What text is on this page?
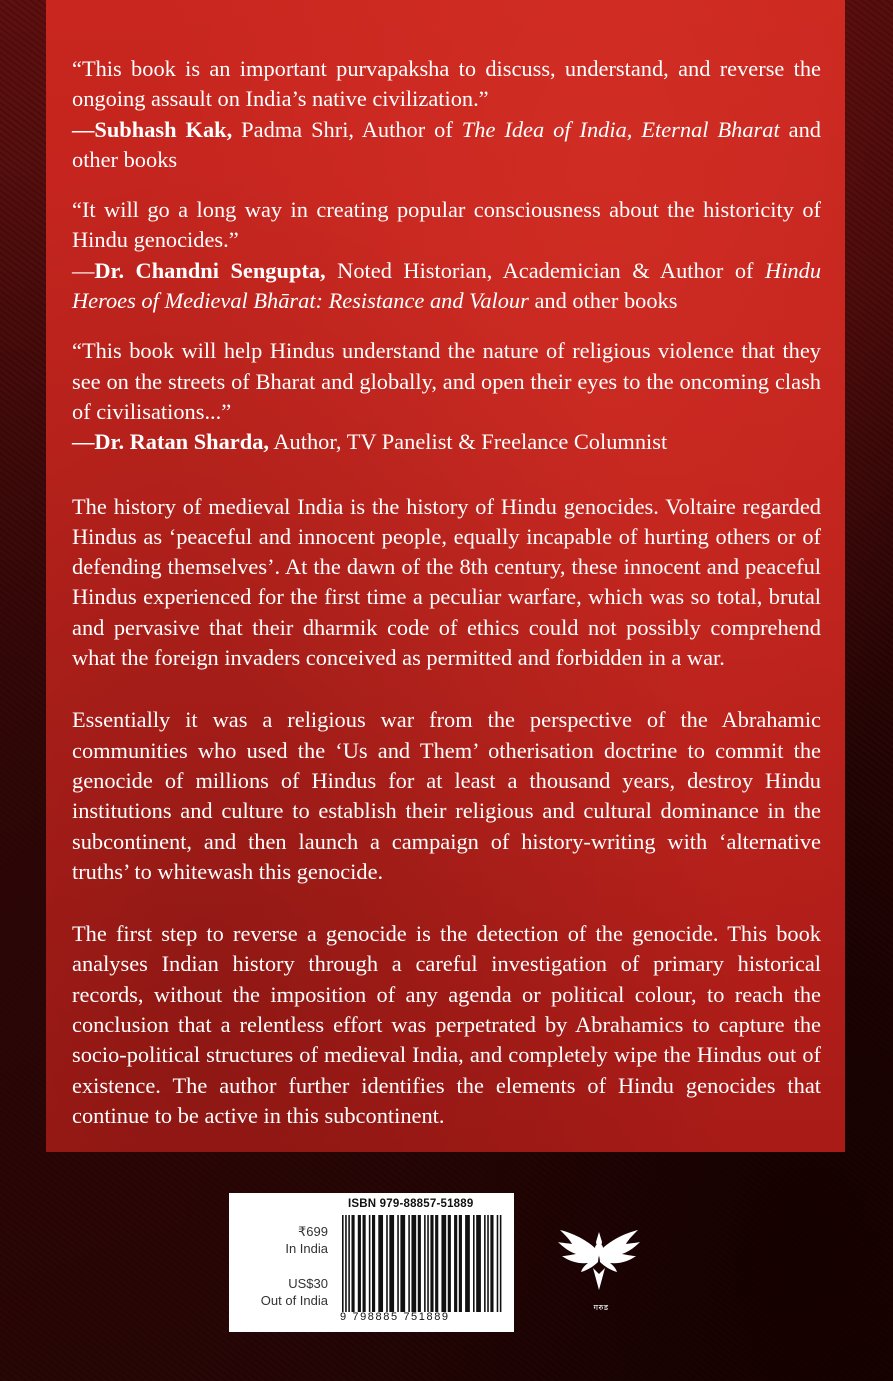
“This book is an important purvapaksha to discuss, understand, and reverse the ongoing assault on India’s native civilization.”
—Subhash Kak, Padma Shri, Author of The Idea of India, Eternal Bharat and other books
“It will go a long way in creating popular consciousness about the historicity of Hindu genocides.”
—Dr. Chandni Sengupta, Noted Historian, Academician & Author of Hindu Heroes of Medieval Bhārat: Resistance and Valour and other books
“This book will help Hindus understand the nature of religious violence that they see on the streets of Bharat and globally, and open their eyes to the oncoming clash of civilisations...”
—Dr. Ratan Sharda, Author, TV Panelist & Freelance Columnist

The history of medieval India is the history of Hindu genocides. Voltaire regarded Hindus as ‘peaceful and innocent people, equally incapable of hurting others or of defending themselves’. At the dawn of the 8th century, these innocent and peaceful Hindus experienced for the first time a peculiar warfare, which was so total, brutal and pervasive that their dharmik code of ethics could not possibly comprehend what the foreign invaders conceived as permitted and forbidden in a war.

Essentially it was a religious war from the perspective of the Abrahamic communities who used the ‘Us and Them’ otherisation doctrine to commit the genocide of millions of Hindus for at least a thousand years, destroy Hindu institutions and culture to establish their religious and cultural dominance in the subcontinent, and then launch a campaign of history-writing with ‘alternative truths’ to whitewash this genocide.

The first step to reverse a genocide is the detection of the genocide. This book analyses Indian history through a careful investigation of primary historical records, without the imposition of any agenda or political colour, to reach the conclusion that a relentless effort was perpetrated by Abrahamics to capture the socio-political structures of medieval India, and completely wipe the Hindus out of existence. The author further identifies the elements of Hindu genocides that continue to be active in this subcontinent.

₹699
In India
US$30
Out of India
ISBN 979-88857-51889
9 798885 751889
गरुड
